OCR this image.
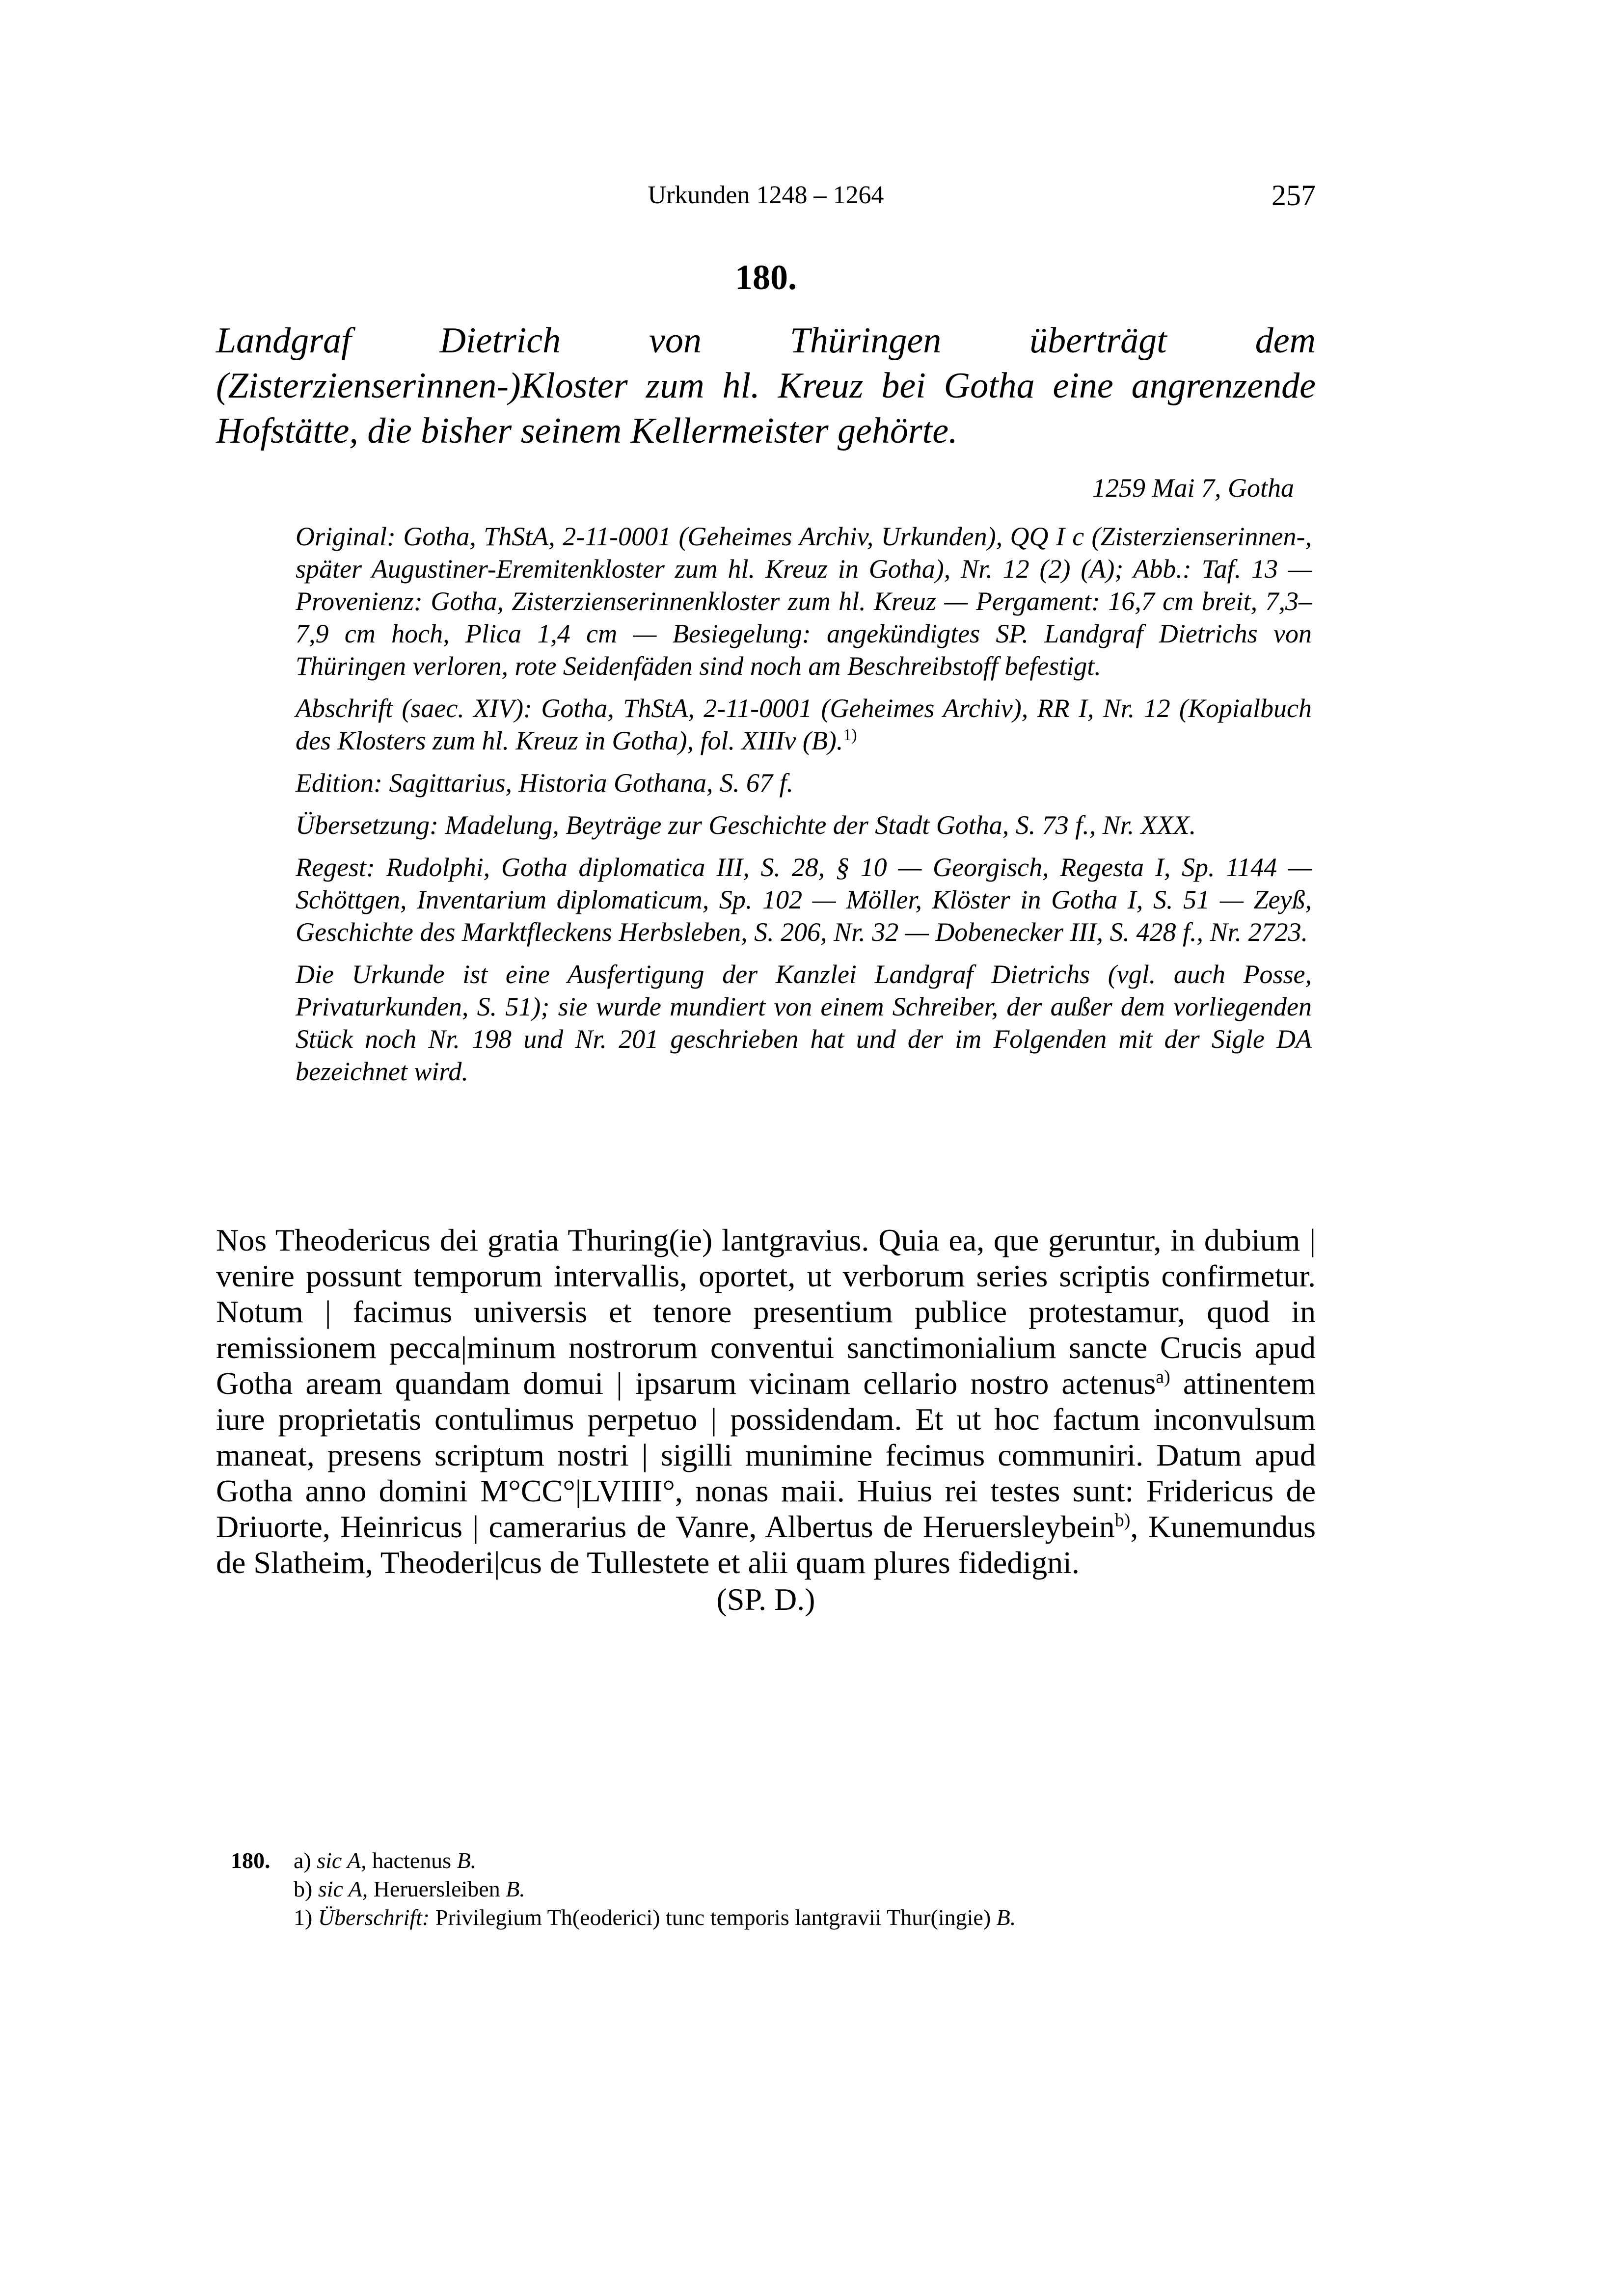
Urkunden 1248 – 1264	257
180.

Landgraf Dietrich von Thüringen überträgt dem (Zisterzienserinnen-)Kloster zum hl. Kreuz bei Gotha eine angrenzende Hofstätte, die bisher seinem Kellermeister gehörte.

1259 Mai 7, Gotha

Original: Gotha, ThStA, 2-11-0001 (Geheimes Archiv, Urkunden), QQ I c (Zisterzienserinnen-, später Augustiner-Eremitenkloster zum hl. Kreuz in Gotha), Nr. 12 (2) (A); Abb.: Taf. 13 — Provenienz: Gotha, Zisterzienserinnenkloster zum hl. Kreuz — Pergament: 16,7 cm breit, 7,3–7,9 cm hoch, Plica 1,4 cm — Besiegelung: angekündigtes SP. Landgraf Dietrichs von Thüringen verloren, rote Seidenfäden sind noch am Beschreibstoff befestigt.

Abschrift (saec. XIV): Gotha, ThStA, 2-11-0001 (Geheimes Archiv), RR I, Nr. 12 (Kopialbuch des Klosters zum hl. Kreuz in Gotha), fol. XIIIv (B).$^{1)}$

Edition: Sagittarius, Historia Gothana, S. 67 f.

Übersetzung: Madelung, Beyträge zur Geschichte der Stadt Gotha, S. 73 f., Nr. XXX.

Regest: Rudolphi, Gotha diplomatica III, S. 28, § 10 — Georgisch, Regesta I, Sp. 1144 — Schöttgen, Inventarium diplomaticum, Sp. 102 — Möller, Klöster in Gotha I, S. 51 — Zeyß, Geschichte des Marktfleckens Herbsleben, S. 206, Nr. 32 — Dobenecker III, S. 428 f., Nr. 2723.

Die Urkunde ist eine Ausfertigung der Kanzlei Landgraf Dietrichs (vgl. auch Posse, Privaturkunden, S. 51); sie wurde mundiert von einem Schreiber, der außer dem vorliegenden Stück noch Nr. 198 und Nr. 201 geschrieben hat und der im Folgenden mit der Sigle DA bezeichnet wird.

Nos Theodericus dei gratia Thuring(ie) lantgravius. Quia ea, que geruntur, in dubium | venire possunt temporum intervallis, oportet, ut verborum series scriptis confirmetur. Notum | facimus universis et tenore presentium publice protestamur, quod in remissionem pecca|minum nostrorum conventui sanctimonialium sancte Crucis apud Gotha aream quandam domui | ipsarum vicinam cellario nostro actenus$^{a)}$ attinentem iure proprietatis contulimus perpetuo | possidendam. Et ut hoc factum inconvulsum maneat, presens scriptum nostri | sigilli munimine fecimus communiri. Datum apud Gotha anno domini M°CC°|LVIIII°, nonas maii. Huius rei testes sunt: Fridericus de Driuorte, Heinricus | camerarius de Vanre, Albertus de Heruersleybein$^{b)}$, Kunemundus de Slatheim, Theoderi|cus de Tullestete et alii quam plures fidedigni.

(SP. D.)
180. a) sic A, hactenus B.
b) sic A, Heruersleiben B.
1) Überschrift: Privilegium Th(eoderici) tunc temporis lantgravii Thur(ingie) B.
